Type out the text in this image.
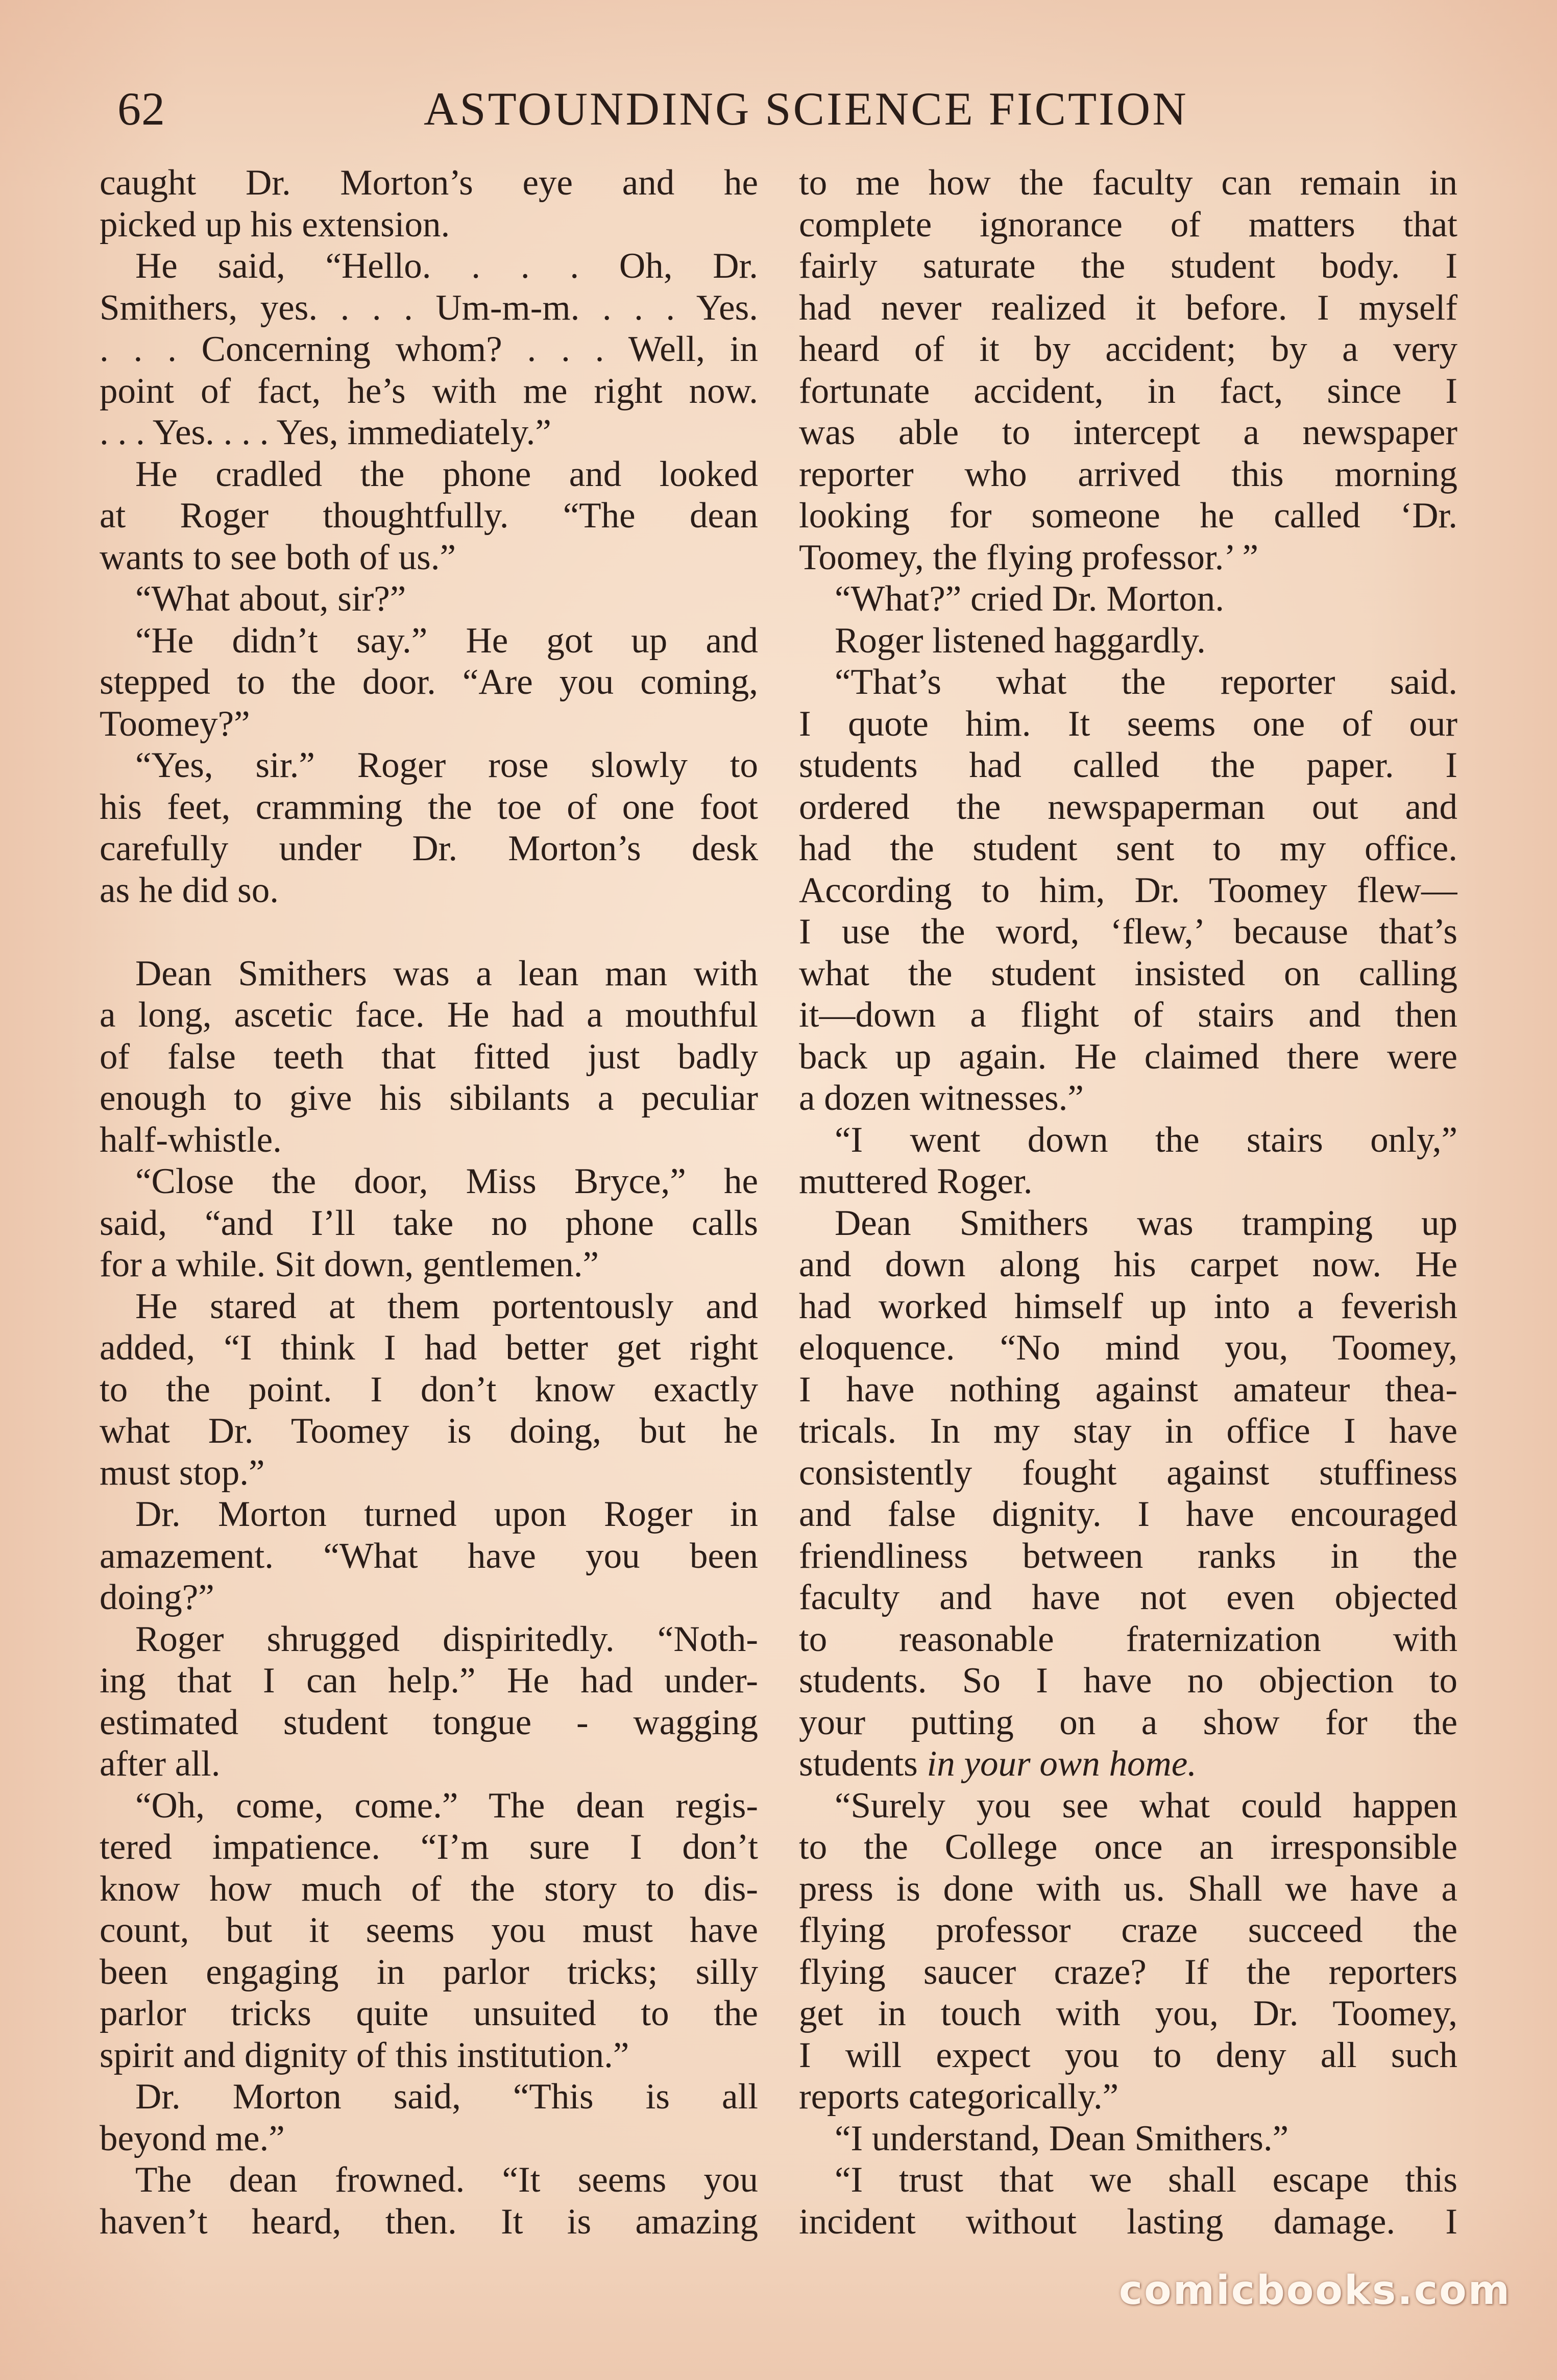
62	ASTOUNDING SCIENCE FICTION
caught Dr. Morton’s eye and he
picked up his extension.
He said, “Hello. . . . Oh, Dr.
Smithers, yes. . . . Um-m-m. . . . Yes.
. . . Concerning whom? . . . Well, in
point of fact, he’s with me right now.
. . . Yes. . . . Yes, immediately.”
He cradled the phone and looked
at Roger thoughtfully. “The dean
wants to see both of us.”
“What about, sir?”
“He didn’t say.” He got up and
stepped to the door. “Are you coming,
Toomey?”
“Yes, sir.” Roger rose slowly to
his feet, cramming the toe of one foot
carefully under Dr. Morton’s desk
as he did so.
Dean Smithers was a lean man with
a long, ascetic face. He had a mouthful
of false teeth that fitted just badly
enough to give his sibilants a peculiar
half-whistle.
“Close the door, Miss Bryce,” he
said, “and I’ll take no phone calls
for a while. Sit down, gentlemen.”
He stared at them portentously and
added, “I think I had better get right
to the point. I don’t know exactly
what Dr. Toomey is doing, but he
must stop.”
Dr. Morton turned upon Roger in
amazement. “What have you been
doing?”
Roger shrugged dispiritedly. “Noth-
ing that I can help.” He had under-
estimated student tongue - wagging
after all.
“Oh, come, come.” The dean regis-
tered impatience. “I’m sure I don’t
know how much of the story to dis-
count, but it seems you must have
been engaging in parlor tricks; silly
parlor tricks quite unsuited to the
spirit and dignity of this institution.”
Dr. Morton said, “This is all
beyond me.”
The dean frowned. “It seems you
haven’t heard, then. It is amazing
to me how the faculty can remain in
complete ignorance of matters that
fairly saturate the student body. I
had never realized it before. I myself
heard of it by accident; by a very
fortunate accident, in fact, since I
was able to intercept a newspaper
reporter who arrived this morning
looking for someone he called ‘Dr.
Toomey, the flying professor.’ ”
“What?” cried Dr. Morton.
Roger listened haggardly.
“That’s what the reporter said.
I quote him. It seems one of our
students had called the paper. I
ordered the newspaperman out and
had the student sent to my office.
According to him, Dr. Toomey flew—
I use the word, ‘flew,’ because that’s
what the student insisted on calling
it—down a flight of stairs and then
back up again. He claimed there were
a dozen witnesses.”
“I went down the stairs only,”
muttered Roger.
Dean Smithers was tramping up
and down along his carpet now. He
had worked himself up into a feverish
eloquence. “No mind you, Toomey,
I have nothing against amateur thea-
tricals. In my stay in office I have
consistently fought against stuffiness
and false dignity. I have encouraged
friendliness between ranks in the
faculty and have not even objected
to reasonable fraternization with
students. So I have no objection to
your putting on a show for the
students in your own home.
“Surely you see what could happen
to the College once an irresponsible
press is done with us. Shall we have a
flying professor craze succeed the
flying saucer craze? If the reporters
get in touch with you, Dr. Toomey,
I will expect you to deny all such
reports categorically.”
“I understand, Dean Smithers.”
“I trust that we shall escape this
incident without lasting damage. I
comicbooks.com
